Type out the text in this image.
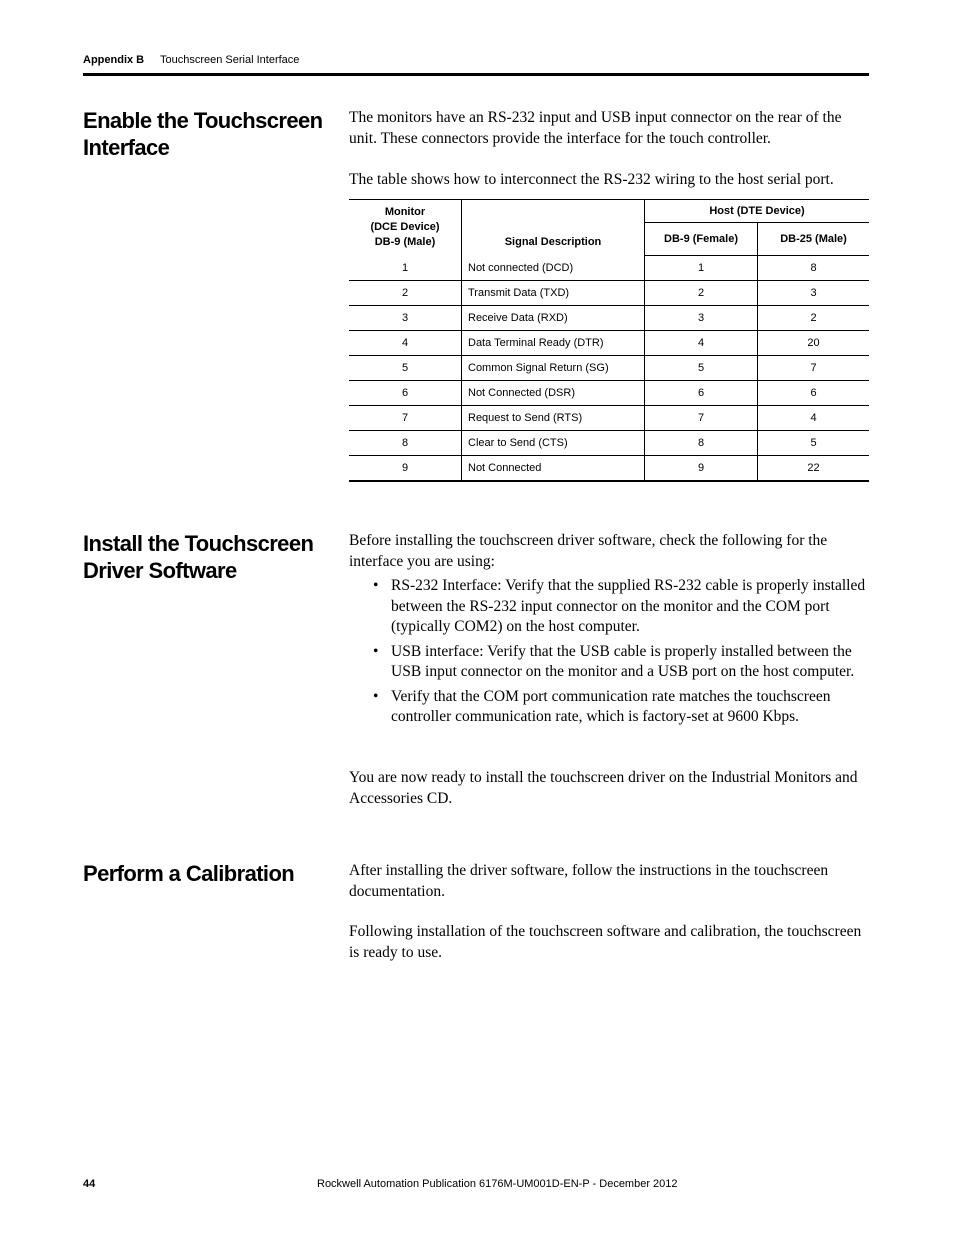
Appendix B Touchscreen Serial Interface
Enable the Touchscreen Interface

The monitors have an RS-232 input and USB input connector on the rear of the unit. These connectors provide the interface for the touch controller.

The table shows how to interconnect the RS-232 wiring to the host serial port.

Monitor
(DCE Device)
DB-9 (Male)	Signal Description	Host (DTE Device)	
		DB-9 (Female)	DB-25 (Male)
1	Not connected (DCD)	1	8
2	Transmit Data (TXD)	2	3
3	Receive Data (RXD)	3	2
4	Data Terminal Ready (DTR)	4	20
5	Common Signal Return (SG)	5	7
6	Not Connected (DSR)	6	6
7	Request to Send (RTS)	7	4
8	Clear to Send (CTS)	8	5
9	Not Connected	9	22
Install the Touchscreen Driver Software

Before installing the touchscreen driver software, check the following for the interface you are using:

• RS-232 Interface: Verify that the supplied RS-232 cable is properly installed between the RS-232 input connector on the monitor and the COM port (typically COM2) on the host computer.
• USB interface: Verify that the USB cable is properly installed between the USB input connector on the monitor and a USB port on the host computer.
• Verify that the COM port communication rate matches the touchscreen controller communication rate, which is factory-set at 9600 Kbps.

You are now ready to install the touchscreen driver on the Industrial Monitors and Accessories CD.

Perform a Calibration	After installing the driver software, follow the instructions in the touchscreen documentation.

Following installation of the touchscreen software and calibration, the touchscreen is ready to use.

44	Rockwell Automation Publication 6176M-UM001D-EN-P - December 2012
